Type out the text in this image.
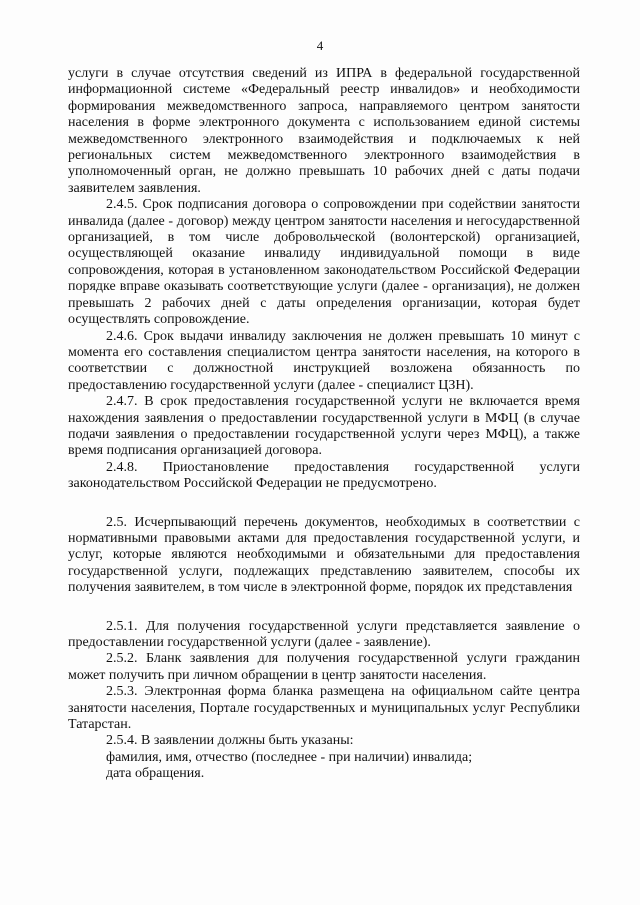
4

услуги в случае отсутствия сведений из ИПРА в федеральной государственной информационной системе «Федеральный реестр инвалидов» и необходимости формирования межведомственного запроса, направляемого центром занятости населения в форме электронного документа с использованием единой системы межведомственного электронного взаимодействия и подключаемых к ней региональных систем межведомственного электронного взаимодействия в уполномоченный орган, не должно превышать 10 рабочих дней с даты подачи заявителем заявления.

2.4.5. Срок подписания договора о сопровождении при содействии занятости инвалида (далее - договор) между центром занятости населения и негосударственной организацией, в том числе добровольческой (волонтерской) организацией, осуществляющей оказание инвалиду индивидуальной помощи в виде сопровождения, которая в установленном законодательством Российской Федерации порядке вправе оказывать соответствующие услуги (далее - организация), не должен превышать 2 рабочих дней с даты определения организации, которая будет осуществлять сопровождение.

2.4.6. Срок выдачи инвалиду заключения не должен превышать 10 минут с момента его составления специалистом центра занятости населения, на которого в соответствии с должностной инструкцией возложена обязанность по предоставлению государственной услуги (далее - специалист ЦЗН).

2.4.7. В срок предоставления государственной услуги не включается время нахождения заявления о предоставлении государственной услуги в МФЦ (в случае подачи заявления о предоставлении государственной услуги через МФЦ), а также время подписания организацией договора.

2.4.8. Приостановление предоставления государственной услуги законодательством Российской Федерации не предусмотрено.

2.5. Исчерпывающий перечень документов, необходимых в соответствии с нормативными правовыми актами для предоставления государственной услуги, и услуг, которые являются необходимыми и обязательными для предоставления государственной услуги, подлежащих представлению заявителем, способы их получения заявителем, в том числе в электронной форме, порядок их представления

2.5.1. Для получения государственной услуги представляется заявление о предоставлении государственной услуги (далее - заявление).

2.5.2. Бланк заявления для получения государственной услуги гражданин может получить при личном обращении в центр занятости населения.

2.5.3. Электронная форма бланка размещена на официальном сайте центра занятости населения, Портале государственных и муниципальных услуг Республики Татарстан.

2.5.4. В заявлении должны быть указаны:

фамилия, имя, отчество (последнее - при наличии) инвалида;

дата обращения.
